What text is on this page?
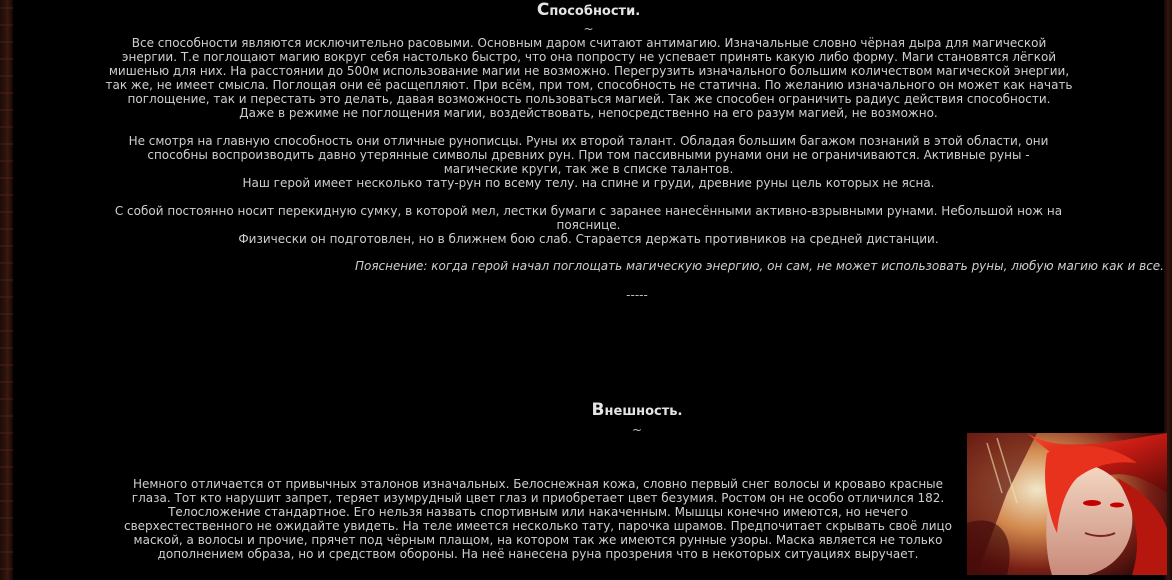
Способности.
~
Все способности являются исключительно расовыми. Основным даром считают антимагию. Изначальные словно чёрная дыра для магической энергии. Т.е поглощают магию вокруг себя настолько быстро, что она попросту не успевает принять какую либо форму. Маги становятся лёгкой мишенью для них. На расстоянии до 500м использование магии не возможно. Перегрузить изначального большим количеством магической энергии, так же, не имеет смысла. Поглощая они её расщепляют. При всём, при том, способность не статична. По желанию изначального он может как начать поглощение, так и перестать это делать, давая возможность пользоваться магией. Так же способен ограничить радиус действия способности.
Даже в режиме не поглощения магии, воздействовать, непосредственно на его разум магией, не возможно.
Не смотря на главную способность они отличные рунописцы. Руны их второй талант. Обладая большим багажом познаний в этой области, они способны воспроизводить давно утерянные символы древних рун. При том пассивными рунами они не ограничиваются. Активные руны - магические круги, так же в списке талантов.
Наш герой имеет несколько тату-рун по всему телу. на спине и груди, древние руны цель которых не ясна.
С собой постоянно носит перекидную сумку, в которой мел, лестки бумаги с заранее нанесёнными активно-взрывными рунами. Небольшой нож на пояснице.
Физически он подготовлен, но в ближнем бою слаб. Старается держать противников на средней дистанции.
Пояснение: когда герой начал поглощать магическую энергию, он сам, не может использовать руны, любую магию как и все.
-----
Внешность.
~
Немного отличается от привычных эталонов изначальных. Белоснежная кожа, словно первый снег волосы и кроваво красные глаза. Тот кто нарушит запрет, теряет изумрудный цвет глаз и приобретает цвет безумия. Ростом он не особо отличился 182. Телосложение стандартное. Его нельзя назвать спортивным или накаченным. Мышцы конечно имеются, но нечего сверхестественного не ожидайте увидеть. На теле имеется несколько тату, парочка шрамов. Предпочитает скрывать своё лицо маской, а волосы и прочие, прячет под чёрным плащом, на котором так же имеются рунные узоры. Маска является не только дополнением образа, но и средством обороны. На неё нанесена руна прозрения что в некоторых ситуациях выручает.
